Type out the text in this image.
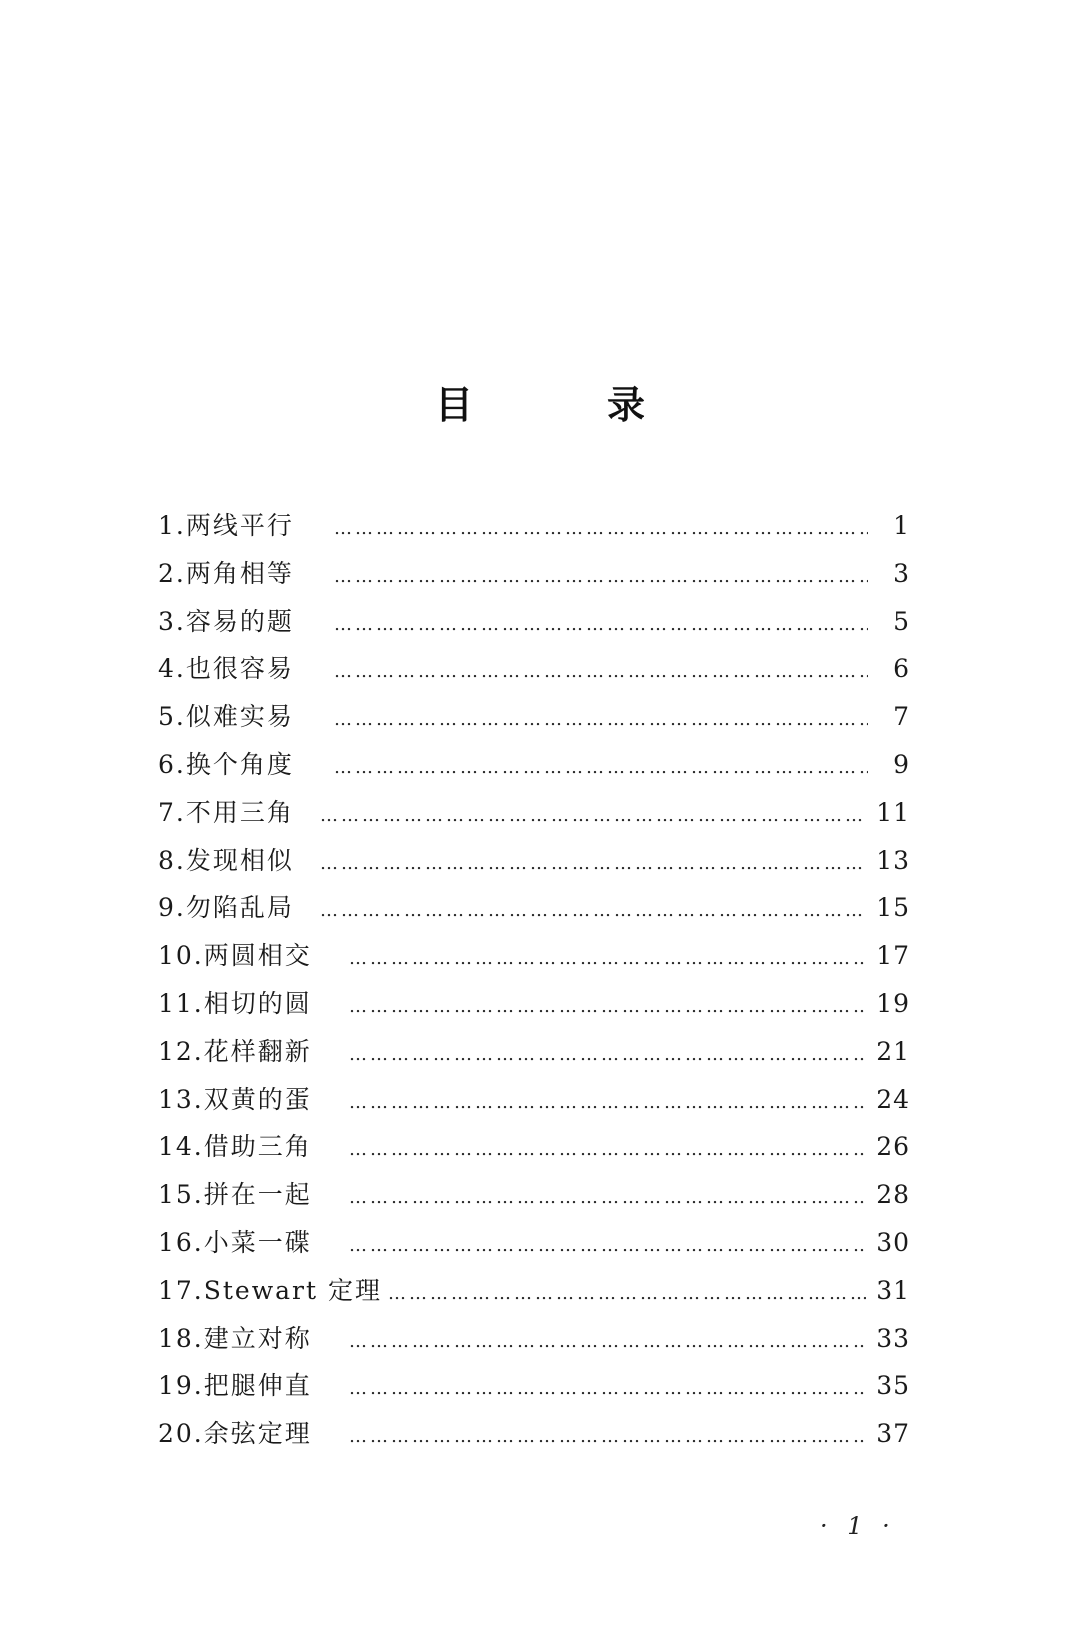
目　录
1.两线平行 ……………………………………………………………………………………………………………………………………	1
2.两角相等 ……………………………………………………………………………………………………………………………………	3
3.容易的题 ……………………………………………………………………………………………………………………………………	5
4.也很容易 ……………………………………………………………………………………………………………………………………	6
5.似难实易 ……………………………………………………………………………………………………………………………………	7
6.换个角度 ……………………………………………………………………………………………………………………………………	9
7.不用三角 ……………………………………………………………………………………………………………………………………	11
8.发现相似 ……………………………………………………………………………………………………………………………………	13
9.勿陷乱局 ……………………………………………………………………………………………………………………………………	15
10.两圆相交 ……………………………………………………………………………………………………………………………………	17
11.相切的圆 ……………………………………………………………………………………………………………………………………	19
12.花样翻新 ……………………………………………………………………………………………………………………………………	21
13.双黄的蛋 ……………………………………………………………………………………………………………………………………	24
14.借助三角 ……………………………………………………………………………………………………………………………………	26
15.拼在一起 ……………………………………………………………………………………………………………………………………	28
16.小菜一碟 ……………………………………………………………………………………………………………………………………	30
17.Stewart 定理 ……………………………………………………………………………………………………………………………………	31
18.建立对称 ……………………………………………………………………………………………………………………………………	33
19.把腿伸直 ……………………………………………………………………………………………………………………………………	35
20.余弦定理 ……………………………………………………………………………………………………………………………………	37
· 1 ·
